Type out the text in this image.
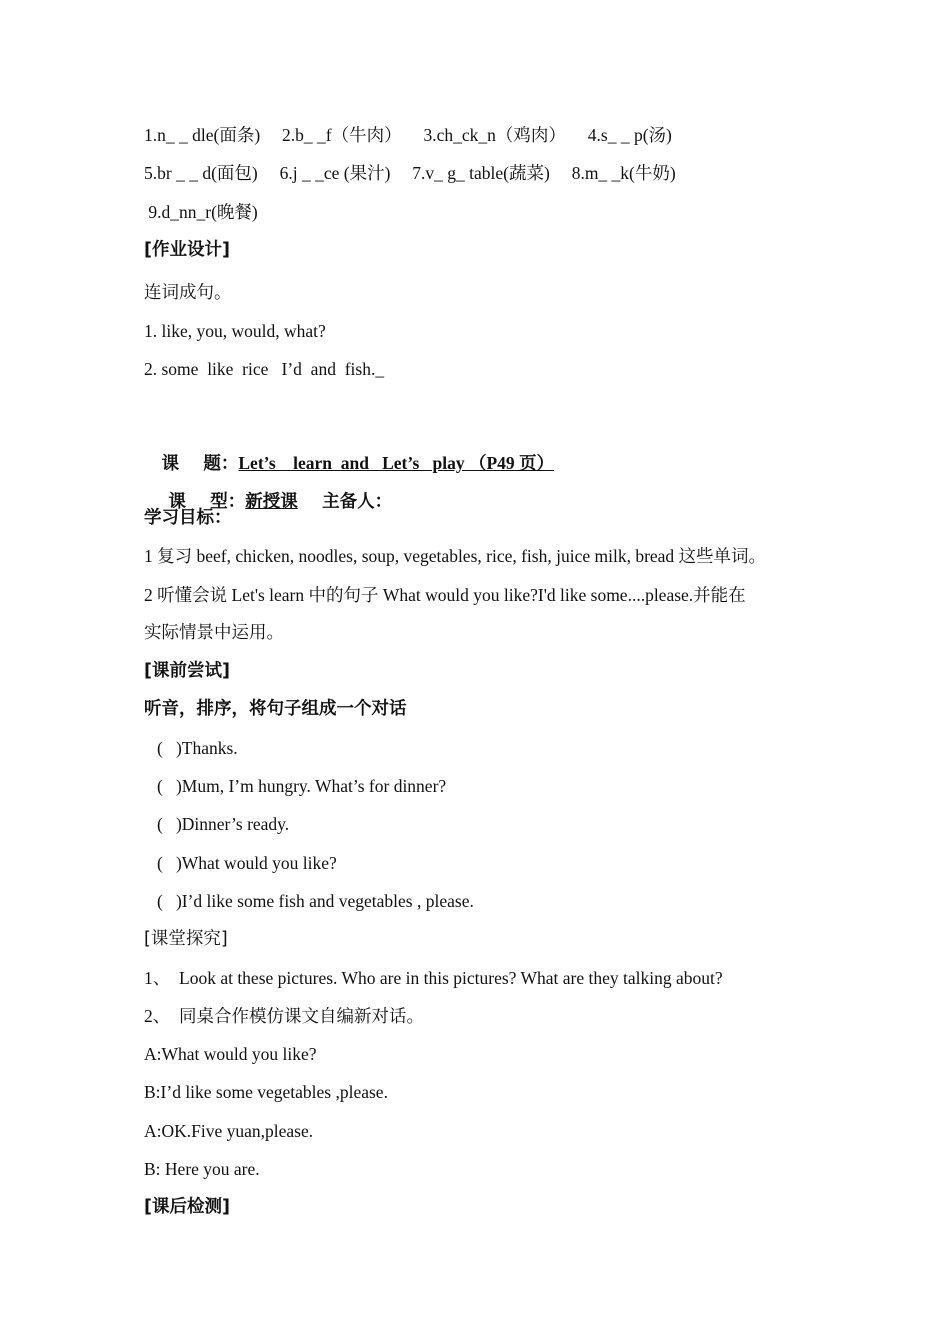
1.n_ _ dle(面条)     2.b_ _f（牛肉）     3.ch_ck_n（鸡肉）     4.s_ _ p(汤)
5.br _ _ d(面包)     6.j _ _ce (果汁)     7.v_ g_ table(蔬菜)     8.m_ _k(牛奶)
9.d_nn_r(晚餐)
[作业设计]
连词成句。
1. like, you, would, what?
2. some  like  rice   I’d  and  fish._

课    题：Let’s    learn  and   Let’s   play （P49 页）

课    型：新授课    主备人：

学习目标：
1 复习 beef, chicken, noodles, soup, vegetables, rice, fish, juice milk, bread 这些单词。
2 听懂会说 Let's learn 中的句子 What would you like?I'd like some....please.并能在
实际情景中运用。
[课前尝试]
听音，排序，将句子组成一个对话
(   )Thanks.
(   )Mum, I’m hungry. What’s for dinner?
(   )Dinner’s ready.
(   )What would you like?
(   )I’d like some fish and vegetables , please.
[课堂探究]
1、  Look at these pictures. Who are in this pictures? What are they talking about?
2、  同桌合作模仿课文自编新对话。
A:What would you like?
B:I’d like some vegetables ,please.
A:OK.Five yuan,please.
B: Here you are.
[课后检测]
